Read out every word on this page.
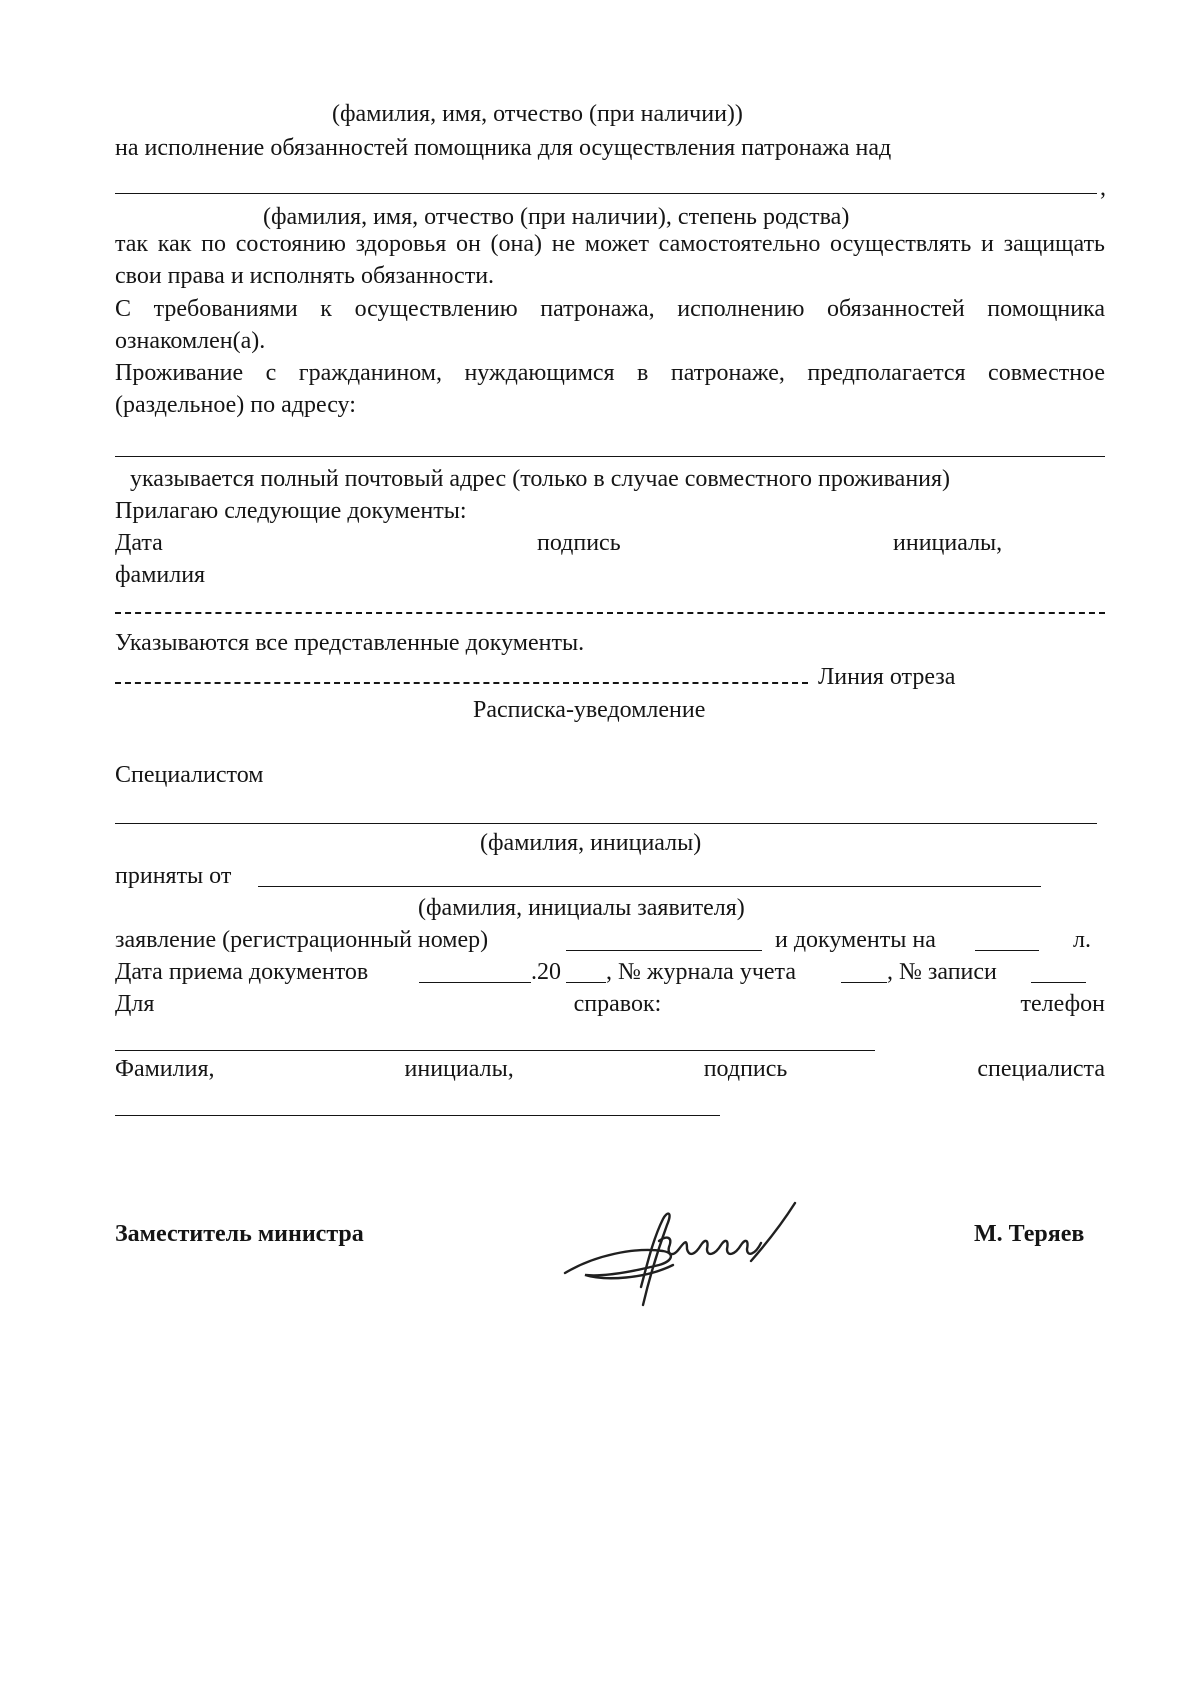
(фамилия, имя, отчество (при наличии))
на исполнение обязанностей помощника для осуществления патронажа над
,
(фамилия, имя, отчество (при наличии), степень родства)
так как по состоянию здоровья он (она) не может самостоятельно осуществлять и защищать свои права и исполнять обязанности.
С требованиями к осуществлению патронажа, исполнению обязанностей помощника ознакомлен(а).
Проживание с гражданином, нуждающимся в патронаже, предполагается совместное (раздельное) по адресу:
указывается полный почтовый адрес (только в случае совместного проживания)
Прилагаю следующие документы:
Дата	подпись	инициалы,
фамилия
Указываются все представленные документы.
Линия отреза
Расписка-уведомление
Специалистом
(фамилия, инициалы)
приняты от
(фамилия, инициалы заявителя)
заявление (регистрационный номер)	и документы на	л.
Дата приема документов	.20 , № журнала учета	, № записи
Для	справок:	телефон
Фамилия,	инициалы,	подпись	специалиста
Заместитель министра	М. Теряев
